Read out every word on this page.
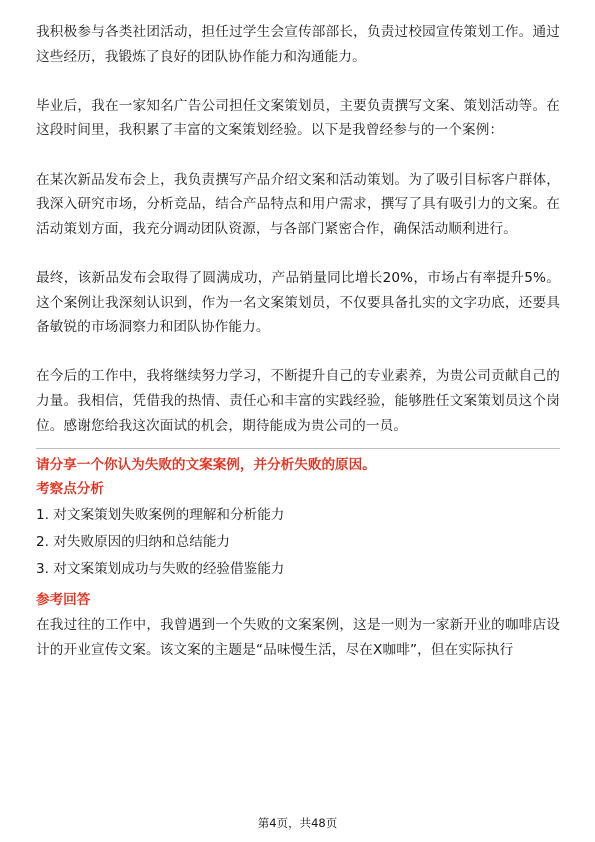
我积极参与各类社团活动，担任过学生会宣传部部长，负责过校园宣传策划工作。通过这些经历，我锻炼了良好的团队协作能力和沟通能力。

毕业后，我在一家知名广告公司担任文案策划员，主要负责撰写文案、策划活动等。在这段时间里，我积累了丰富的文案策划经验。以下是我曾经参与的一个案例：

在某次新品发布会上，我负责撰写产品介绍文案和活动策划。为了吸引目标客户群体，我深入研究市场，分析竞品，结合产品特点和用户需求，撰写了具有吸引力的文案。在活动策划方面，我充分调动团队资源，与各部门紧密合作，确保活动顺利进行。

最终，该新品发布会取得了圆满成功，产品销量同比增长20%，市场占有率提升5%。这个案例让我深刻认识到，作为一名文案策划员，不仅要具备扎实的文字功底，还要具备敏锐的市场洞察力和团队协作能力。

在今后的工作中，我将继续努力学习，不断提升自己的专业素养，为贵公司贡献自己的力量。我相信，凭借我的热情、责任心和丰富的实践经验，能够胜任文案策划员这个岗位。感谢您给我这次面试的机会，期待能成为贵公司的一员。

请分享一个你认为失败的文案案例，并分析失败的原因。

考察点分析

1. 对文案策划失败案例的理解和分析能力

2. 对失败原因的归纳和总结能力

3. 对文案策划成功与失败的经验借鉴能力

参考回答

在我过往的工作中，我曾遇到一个失败的文案案例，这是一则为一家新开业的咖啡店设计的开业宣传文案。该文案的主题是“品味慢生活，尽在X咖啡”，但在实际执行

第4页，共48页
